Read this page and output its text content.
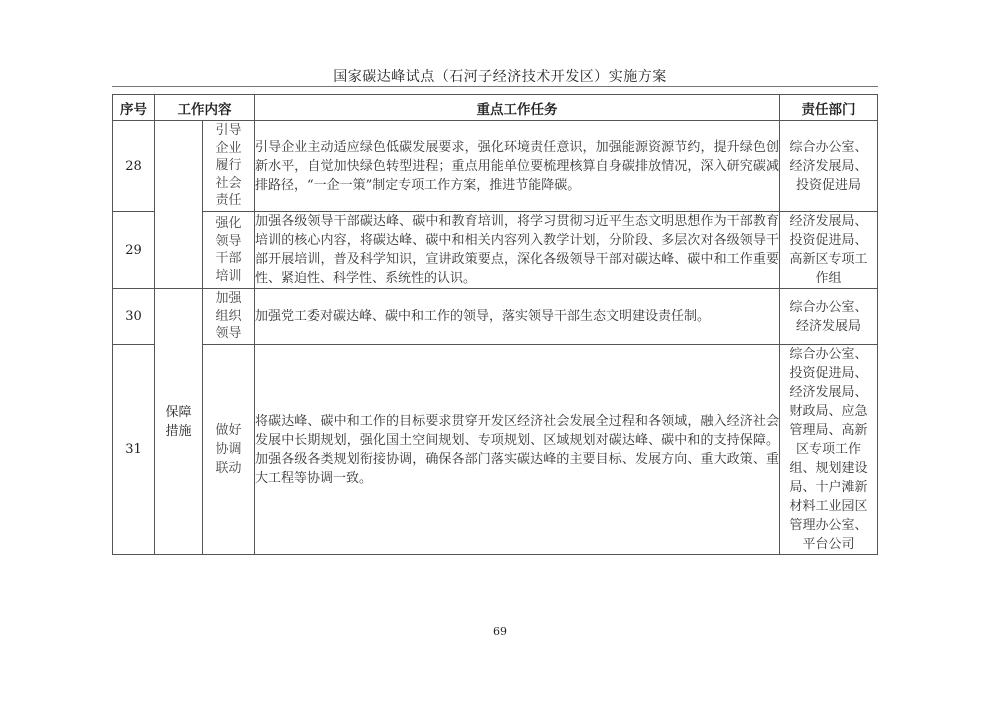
国家碳达峰试点（石河子经济技术开发区）实施方案
序号	工作内容		重点工作任务	责任部门
28		引导企业履行社会责任	引导企业主动适应绿色低碳发展要求，强化环境责任意识，加强能源资源节约，提升绿色创新水平，自觉加快绿色转型进程；重点用能单位要梳理核算自身碳排放情况，深入研究碳减排路径，“一企一策”制定专项工作方案，推进节能降碳。	综合办公室、经济发展局、投资促进局

29		强化领导干部培训	加强各级领导干部碳达峰、碳中和教育培训，将学习贯彻习近平生态文明思想作为干部教育培训的核心内容，将碳达峰、碳中和相关内容列入教学计划，分阶段、多层次对各级领导干部开展培训，普及科学知识，宣讲政策要点，深化各级领导干部对碳达峰、碳中和工作重要性、紧迫性、科学性、系统性的认识。	经济发展局、投资促进局、高新区专项工作组

30	保障措施	加强组织领导	加强党工委对碳达峰、碳中和工作的领导，落实领导干部生态文明建设责任制。	综合办公室、经济发展局

31		做好协调联动	将碳达峰、碳中和工作的目标要求贯穿开发区经济社会发展全过程和各领域，融入经济社会发展中长期规划，强化国土空间规划、专项规划、区域规划对碳达峰、碳中和的支持保障。加强各级各类规划衔接协调，确保各部门落实碳达峰的主要目标、发展方向、重大政策、重大工程等协调一致。	综合办公室、投资促进局、经济发展局、财政局、应急管理局、高新区专项工作组、规划建设局、十户滩新材料工业园区管理办公室、平台公司
69
